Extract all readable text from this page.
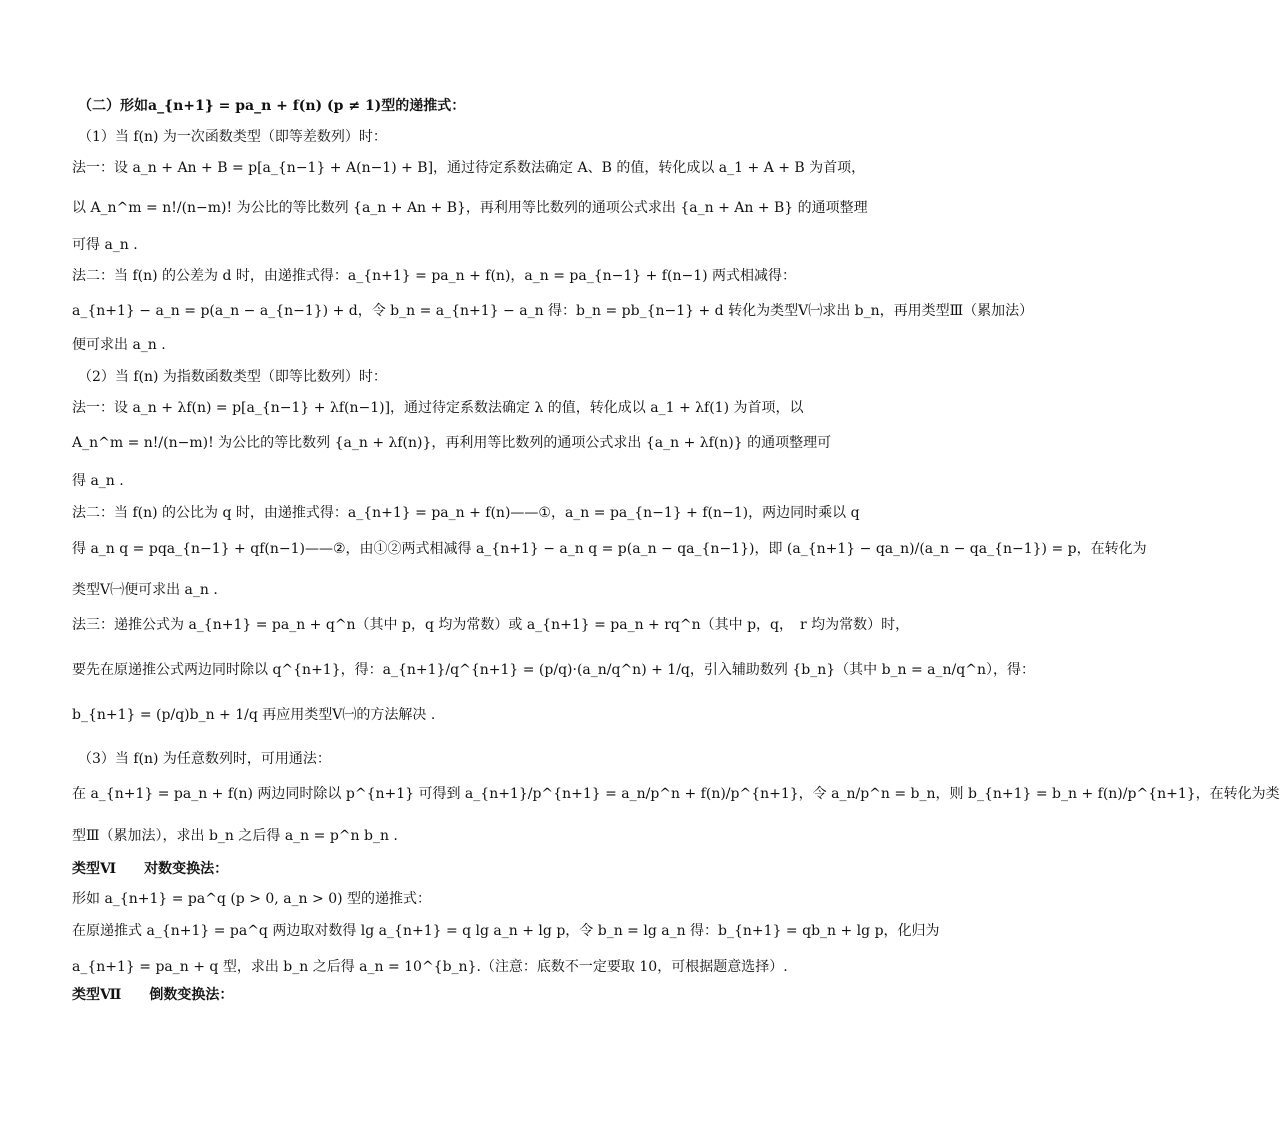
（二）形如a_{n+1} = pa_n + f(n) (p ≠ 1)型的递推式：
（1）当 f(n) 为一次函数类型（即等差数列）时：
法一：设 a_n + An + B = p[a_{n−1} + A(n−1) + B]，通过待定系数法确定 A、B 的值，转化成以 a_1 + A + B 为首项，
以 A_n^m = n!/(n−m)! 为公比的等比数列 {a_n + An + B}，再利用等比数列的通项公式求出 {a_n + An + B} 的通项整理
可得 a_n .
法二：当 f(n) 的公差为 d 时，由递推式得：a_{n+1} = pa_n + f(n)，a_n = pa_{n−1} + f(n−1) 两式相减得：
a_{n+1} − a_n = p(a_n − a_{n−1}) + d，令 b_n = a_{n+1} − a_n 得：b_n = pb_{n−1} + d 转化为类型Ⅴ㈠求出 b_n，再用类型Ⅲ（累加法）
便可求出 a_n .
（2）当 f(n) 为指数函数类型（即等比数列）时：
法一：设 a_n + λf(n) = p[a_{n−1} + λf(n−1)]，通过待定系数法确定 λ 的值，转化成以 a_1 + λf(1) 为首项，以
A_n^m = n!/(n−m)! 为公比的等比数列 {a_n + λf(n)}，再利用等比数列的通项公式求出 {a_n + λf(n)} 的通项整理可
得 a_n .
法二：当 f(n) 的公比为 q 时，由递推式得：a_{n+1} = pa_n + f(n)——①，a_n = pa_{n−1} + f(n−1)，两边同时乘以 q
得 a_n q = pqa_{n−1} + qf(n−1)——②，由①②两式相减得 a_{n+1} − a_n q = p(a_n − qa_{n−1})，即 (a_{n+1} − qa_n)/(a_n − qa_{n−1}) = p，在转化为
类型Ⅴ㈠便可求出 a_n .
法三：递推公式为 a_{n+1} = pa_n + q^n（其中 p，q 均为常数）或 a_{n+1} = pa_n + rq^n（其中 p，q，　r 均为常数）时，
要先在原递推公式两边同时除以 q^{n+1}，得：a_{n+1}/q^{n+1} = (p/q)·(a_n/q^n) + 1/q，引入辅助数列 {b_n}（其中 b_n = a_n/q^n），得：
b_{n+1} = (p/q)b_n + 1/q 再应用类型Ⅴ㈠的方法解决 .
（3）当 f(n) 为任意数列时，可用通法：
在 a_{n+1} = pa_n + f(n) 两边同时除以 p^{n+1} 可得到 a_{n+1}/p^{n+1} = a_n/p^n + f(n)/p^{n+1}，令 a_n/p^n = b_n，则 b_{n+1} = b_n + f(n)/p^{n+1}，在转化为类
型Ⅲ（累加法），求出 b_n 之后得 a_n = p^n b_n .
类型Ⅵ　　对数变换法：
形如 a_{n+1} = pa^q (p > 0, a_n > 0) 型的递推式：
在原递推式 a_{n+1} = pa^q 两边取对数得 lg a_{n+1} = q lg a_n + lg p，令 b_n = lg a_n 得：b_{n+1} = qb_n + lg p，化归为
a_{n+1} = pa_n + q 型，求出 b_n 之后得 a_n = 10^{b_n}.（注意：底数不一定要取 10，可根据题意选择）.
类型Ⅶ　　倒数变换法：
